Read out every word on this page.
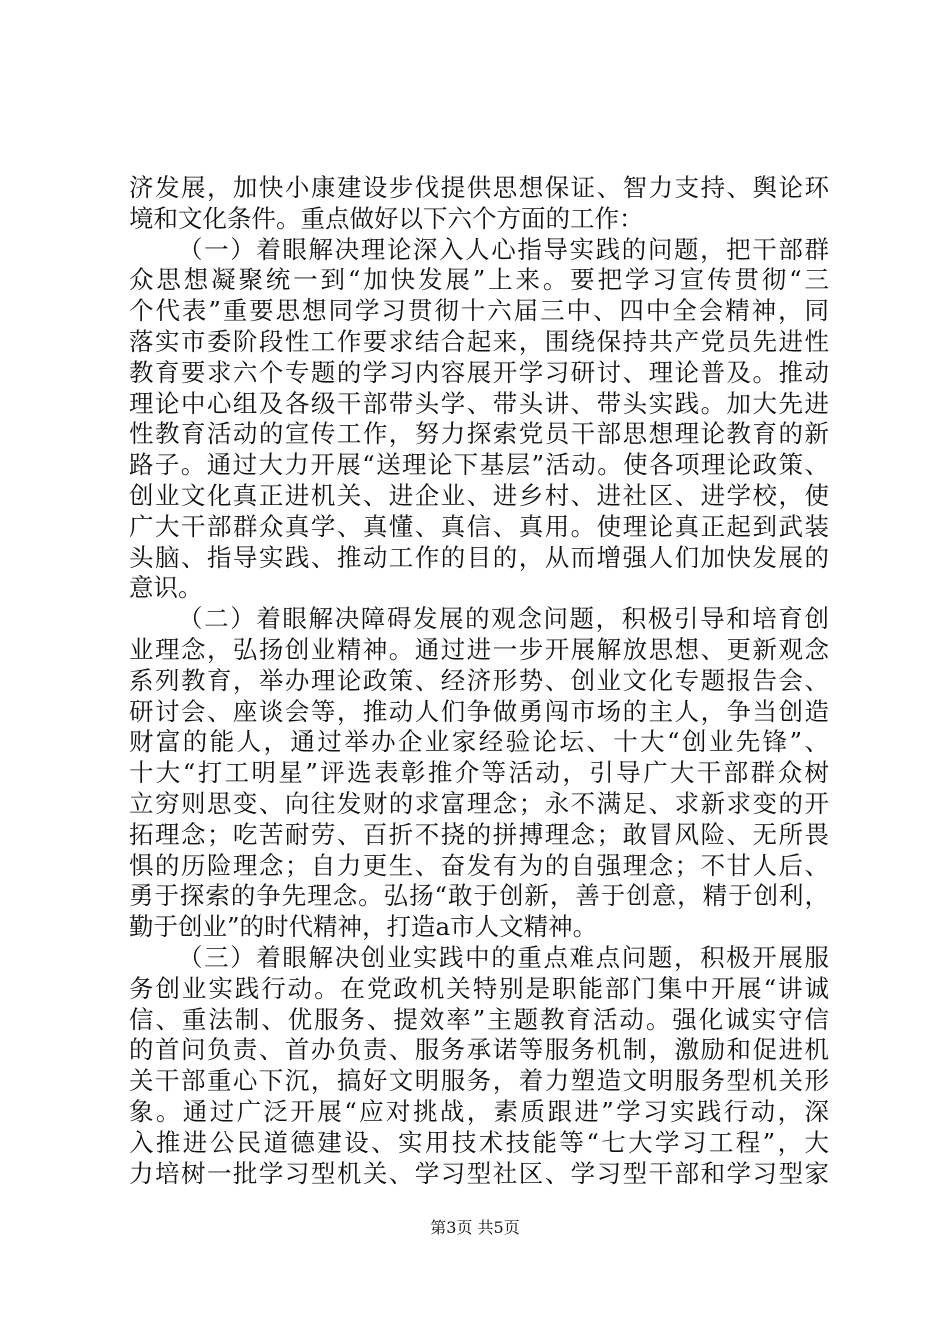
济发展，加快小康建设步伐提供思想保证、智力支持、舆论环
境和文化条件。重点做好以下六个方面的工作：
（一）着眼解决理论深入人心指导实践的问题，把干部群
众思想凝聚统一到“加快发展”上来。要把学习宣传贯彻“三
个代表”重要思想同学习贯彻十六届三中、四中全会精神，同
落实市委阶段性工作要求结合起来，围绕保持共产党员先进性
教育要求六个专题的学习内容展开学习研讨、理论普及。推动
理论中心组及各级干部带头学、带头讲、带头实践。加大先进
性教育活动的宣传工作，努力探索党员干部思想理论教育的新
路子。通过大力开展“送理论下基层”活动。使各项理论政策、
创业文化真正进机关、进企业、进乡村、进社区、进学校，使
广大干部群众真学、真懂、真信、真用。使理论真正起到武装
头脑、指导实践、推动工作的目的，从而增强人们加快发展的
意识。
（二）着眼解决障碍发展的观念问题，积极引导和培育创
业理念，弘扬创业精神。通过进一步开展解放思想、更新观念
系列教育，举办理论政策、经济形势、创业文化专题报告会、
研讨会、座谈会等，推动人们争做勇闯市场的主人，争当创造
财富的能人，通过举办企业家经验论坛、十大“创业先锋”、
十大“打工明星”评选表彰推介等活动，引导广大干部群众树
立穷则思变、向往发财的求富理念；永不满足、求新求变的开
拓理念；吃苦耐劳、百折不挠的拼搏理念；敢冒风险、无所畏
惧的历险理念；自力更生、奋发有为的自强理念；不甘人后、
勇于探索的争先理念。弘扬“敢于创新，善于创意，精于创利，
勤于创业”的时代精神，打造a市人文精神。
（三）着眼解决创业实践中的重点难点问题，积极开展服
务创业实践行动。在党政机关特别是职能部门集中开展“讲诚
信、重法制、优服务、提效率”主题教育活动。强化诚实守信
的首问负责、首办负责、服务承诺等服务机制，激励和促进机
关干部重心下沉，搞好文明服务，着力塑造文明服务型机关形
象。通过广泛开展“应对挑战，素质跟进”学习实践行动，深
入推进公民道德建设、实用技术技能等“七大学习工程”，大
力培树一批学习型机关、学习型社区、学习型干部和学习型家
第3页 共5页
